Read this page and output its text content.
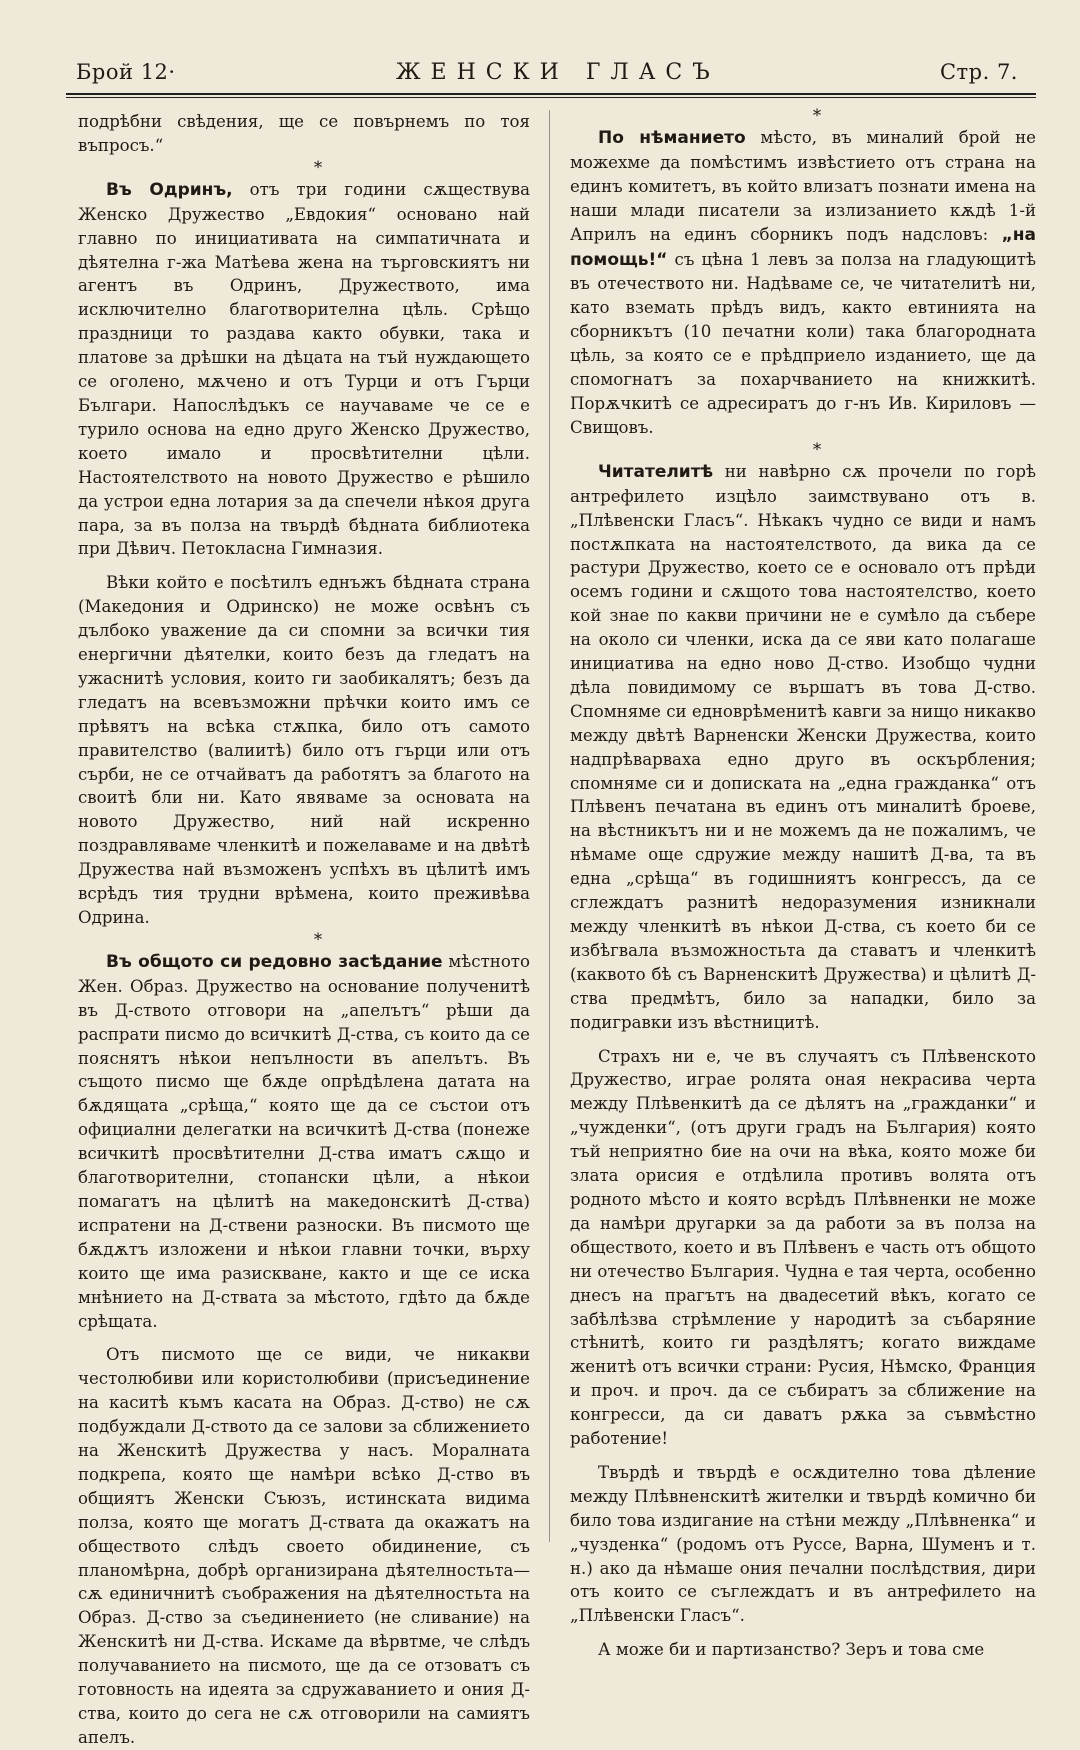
Брой 12·	ЖЕНСКИ ГЛАСЪ	Стр. 7.

подрѣбни свѣдения, ще се повърнемъ по тоя въпросъ.“

*

Въ Одринъ, отъ три години сѫществува Женско Дружество „Евдокия“ основано най главно по инициативата на симпатичната и дѣятелна г-жа Матѣева жена на търговскиятъ ни агентъ въ Одринъ, Дружеството, има исключително благотворителна цѣль. Срѣщо праздници то раздава както обувки, така и платове за дрѣшки на дѣцата на тъй нуждающето се оголено, мѫчено и отъ Турци и отъ Гърци Българи. Напослѣдъкъ се научаваме че се е турило основа на едно друго Женско Дружество, което имало и просвѣтителни цѣли. Настоятелството на новото Дружество е рѣшило да устрои една лотария за да спечели нѣкоя друга пара, за въ полза на твърдѣ бѣдната библиотека при Дѣвич. Петокласна Гимназия.

Вѣки който е посѣтилъ еднъжъ бѣдната страна (Македония и Одринско) не може освѣнъ съ дълбоко уважение да си спомни за всички тия енергични дѣятелки, които безъ да гледатъ на ужаснитѣ условия, които ги заобикалятъ; безъ да гледатъ на всевъзможни прѣчки които имъ се прѣвятъ на всѣка стѫпка, било отъ самото правителство (валиитѣ) било отъ гърци или отъ сърби, не се отчайватъ да работятъ за благото на своитѣ бли ни. Като явяваме за основата на новото Дружество, ний най искренно поздравляваме членкитѣ и пожелаваме и на двѣтѣ Дружества най възможенъ успѣхъ въ цѣлитѣ имъ всрѣдъ тия трудни врѣмена, които преживѣва Одрина.

*

Въ общото си редовно засѣдание мѣстното Жен. Образ. Дружество на основание полученитѣ въ Д-ството отговори на „апелътъ“ рѣши да распрати писмо до всичкитѣ Д-ства, съ които да се пояснятъ нѣкои непълности въ апелътъ. Въ същото писмо ще бѫде опрѣдѣлена датата на бѫдящата „срѣща,“ която ще да се състои отъ официални делегатки на всичкитѣ Д-ства (понеже всичкитѣ просвѣтителни Д-ства иматъ сѫщо и благотворителни, стопански цѣли, а нѣкои помагатъ на цѣлитѣ на македонскитѣ Д-ства) испратени на Д-ствени разноски. Въ писмото ще бѫдѫтъ изложени и нѣкои главни точки, върху които ще има разискване, както и ще се иска мнѣнието на Д-ствата за мѣстото, гдѣто да бѫде срѣщата.

Отъ писмото ще се види, че никакви честолюбиви или користолюбиви (присъединение на каситѣ къмъ касата на Образ. Д-ство) не сѫ подбуждали Д-ството да се залови за сближението на Женскитѣ Дружества у насъ. Моралната подкрепа, която ще намѣри всѣко Д-ство въ общиятъ Женски Съюзъ, истинската видима полза, която ще могатъ Д-ствата да окажатъ на обществото слѣдъ своето обидинение, съ планомѣрна, добрѣ организирана дѣятелностьта—сѫ единичнитѣ съображения на дѣятелностьта на Образ. Д-ство за съединението (не сливание) на Женскитѣ ни Д-ства. Искаме да вѣрвтме, че слѣдъ получаванието на писмото, ще да се отзоватъ съ готовность на идеята за сдружаванието и ония Д-ства, които до сега не сѫ отговорили на самиятъ апелъ.

*

По нѣманието мѣсто, въ миналий брой не можехме да помѣстимъ извѣстието отъ страна на единъ комитетъ, въ който влизатъ познати имена на наши млади писатели за излизанието кѫдѣ 1-й Априлъ на единъ сборникъ подъ надсловъ: „на помощь!“ съ цѣна 1 левъ за полза на гладующитѣ въ отечеството ни. Надѣваме се, че читателитѣ ни, като вземать прѣдъ видъ, както евтинията на сборникътъ (10 печатни коли) така благородната цѣль, за която се е прѣдприело изданието, ще да спомогнатъ за похарчванието на книжкитѣ. Порѫчкитѣ се адресиратъ до г-нъ Ив. Кириловъ — Свищовъ.

*

Читателитѣ ни навѣрно сѫ прочели по горѣ антрефилето изцѣло заимствувано отъ в. „Плѣвенски Гласъ“. Нѣкакъ чудно се види и намъ постѫпката на настоятелството, да вика да се растури Дружество, което се е основало отъ прѣди осемъ години и сѫщото това настоятелство, което кой знае по какви причини не е сумѣло да събере на около си членки, иска да се яви като полагаше инициатива на едно ново Д-ство. Изобщо чудни дѣла повидимому се вършатъ въ това Д-ство. Спомняме си едноврѣменитѣ кавги за нищо никакво между двѣтѣ Варненски Женски Дружества, които надпрѣварваха едно друго въ оскърбления; спомняме си и дописката на „една гражданка“ отъ Плѣвенъ печатана въ единъ отъ миналитѣ броеве, на вѣстникътъ ни и не можемъ да не пожалимъ, че нѣмаме още сдружие между нашитѣ Д-ва, та въ една „срѣща“ въ годишниятъ конгрессъ, да се сглеждатъ разнитѣ недоразумения изникнали между членкитѣ въ нѣкои Д-ства, съ което би се избѣгвала възможностьта да ставатъ и членкитѣ (каквото бѣ съ Варненскитѣ Дружества) и цѣлитѣ Д-ства предмѣтъ, било за нападки, било за подигравки изъ вѣстницитѣ.

Страхъ ни е, че въ случаятъ съ Плѣвенското Дружество, играе ролята оная некрасива черта между Плѣвенкитѣ да се дѣлятъ на „гражданки“ и „чужденки“, (отъ други градъ на България) която тъй неприятно бие на очи на вѣка, която може би злата орисия е отдѣлила противъ волята отъ родното мѣсто и която всрѣдъ Плѣвненки не може да намѣри другарки за да работи за въ полза на обществото, което и въ Плѣвенъ е часть отъ общото ни отечество България. Чудна е тая черта, особенно днесъ на прагътъ на двадесетий вѣкъ, когато се забѣлѣзва стрѣмление у народитѣ за събаряние стѣнитѣ, които ги раздѣлятъ; когато виждаме женитѣ отъ всички страни: Русия, Нѣмско, Франция и проч. и проч. да се събиратъ за сближение на конгресси, да си даватъ рѫка за съвмѣстно работение!

Твърдѣ и твърдѣ е осѫдително това дѣление между Плѣвненскитѣ жителки и твърдѣ комично би било това издигание на стѣни между „Плѣвненка“ и „чузденка“ (родомъ отъ Руссе, Варна, Шуменъ и т. н.) ако да нѣмаше ония печални послѣдствия, дири отъ които се съглеждатъ и въ антрефилето на „Плѣвенски Гласъ“.

А може би и партизанство? Зеръ и това сме
